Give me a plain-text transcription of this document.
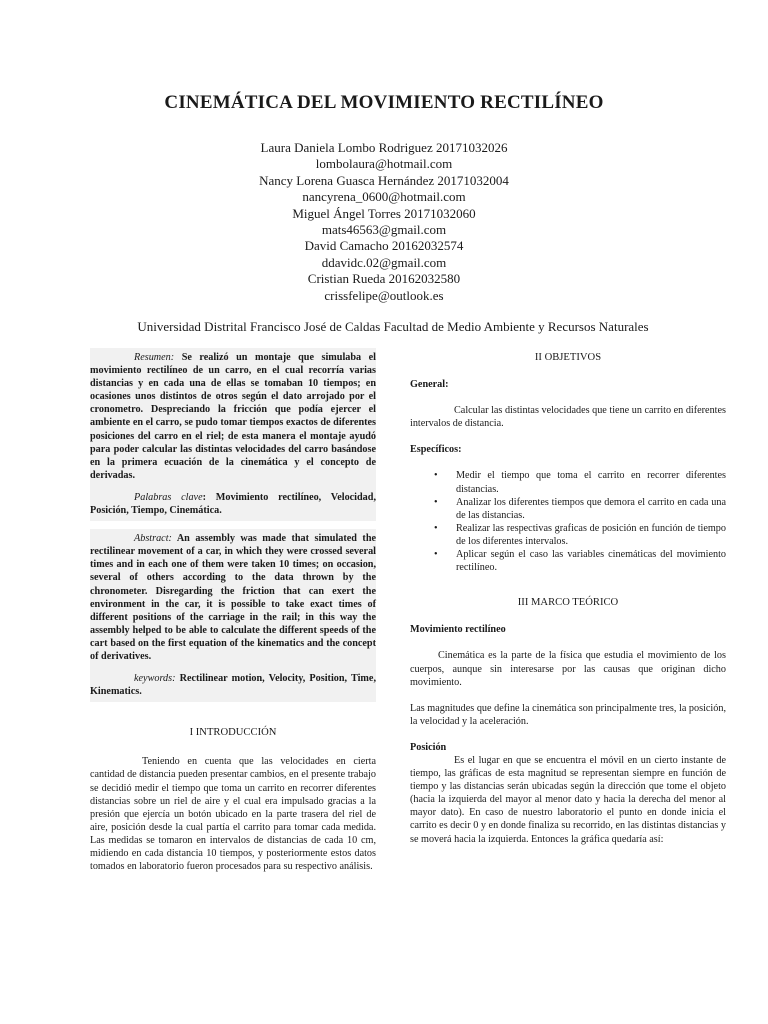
CINEMÁTICA DEL MOVIMIENTO RECTILÍNEO
Laura Daniela Lombo Rodriguez 20171032026
lombolaura@hotmail.com
Nancy Lorena Guasca Hernández 20171032004
nancyrena_0600@hotmail.com
Miguel Ángel Torres 20171032060
mats46563@gmail.com
David Camacho 20162032574
ddavidc.02@gmail.com
Cristian Rueda 20162032580
crissfelipe@outlook.es
Universidad Distrital Francisco José de Caldas Facultad de Medio Ambiente y Recursos Naturales

Resumen: Se realizó un montaje que simulaba el movimiento rectilíneo de un carro, en el cual recorría varias distancias y en cada una de ellas se tomaban 10 tiempos; en ocasiones unos distintos de otros según el dato arrojado por el cronometro. Despreciando la fricción que podía ejercer el ambiente en el carro, se pudo tomar tiempos exactos de diferentes posiciones del carro en el riel; de esta manera el montaje ayudó para poder calcular las distintas velocidades del carro basándose en la primera ecuación de la cinemática y el concepto de derivadas.

Palabras clave: Movimiento rectilíneo, Velocidad, Posición, Tiempo, Cinemática.

Abstract: An assembly was made that simulated the rectilinear movement of a car, in which they were crossed several times and in each one of them were taken 10 times; on occasion, several of others according to the data thrown by the chronometer. Disregarding the friction that can exert the environment in the car, it is possible to take exact times of different positions of the carriage in the rail; in this way the assembly helped to be able to calculate the different speeds of the cart based on the first equation of the kinematics and the concept of derivatives.

keywords: Rectilinear motion, Velocity, Position, Time, Kinematics.

I INTRODUCCIÓN

Teniendo en cuenta que las velocidades en cierta cantidad de distancia pueden presentar cambios, en el presente trabajo se decidió medir el tiempo que toma un carrito en recorrer diferentes distancias sobre un riel de aire y el cual era impulsado gracias a la presión que ejercía un botón ubicado en la parte trasera del riel de aire, posición desde la cual partía el carrito para tomar cada medida. Las medidas se tomaron en intervalos de distancias de cada 10 cm, midiendo en cada distancia 10 tiempos, y posteriormente estos datos tomados en laboratorio fueron procesados para su respectivo análisis.

II OBJETIVOS

General:

Calcular las distintas velocidades que tiene un carrito en diferentes intervalos de distancia.

Específicos:

• Medir el tiempo que toma el carrito en recorrer diferentes distancias.
• Analizar los diferentes tiempos que demora el carrito en cada una de las distancias.
• Realizar las respectivas graficas de posición en función de tiempo de los diferentes intervalos.
• Aplicar según el caso las variables cinemáticas del movimiento rectilíneo.

III MARCO TEÓRICO

Movimiento rectilíneo

Cinemática es la parte de la física que estudia el movimiento de los cuerpos, aunque sin interesarse por las causas que originan dicho movimiento.

Las magnitudes que define la cinemática son principalmente tres, la posición, la velocidad y la aceleración.

Posición

Es el lugar en que se encuentra el móvil en un cierto instante de tiempo, las gráficas de esta magnitud se representan siempre en función de tiempo y las distancias serán ubicadas según la dirección que tome el objeto (hacia la izquierda del mayor al menor dato y hacia la derecha del menor al mayor dato). En caso de nuestro laboratorio el punto en donde inicia el carrito es decir 0 y en donde finaliza su recorrido, en las distintas distancias y se moverá hacia la izquierda. Entonces la gráfica quedaría así:
